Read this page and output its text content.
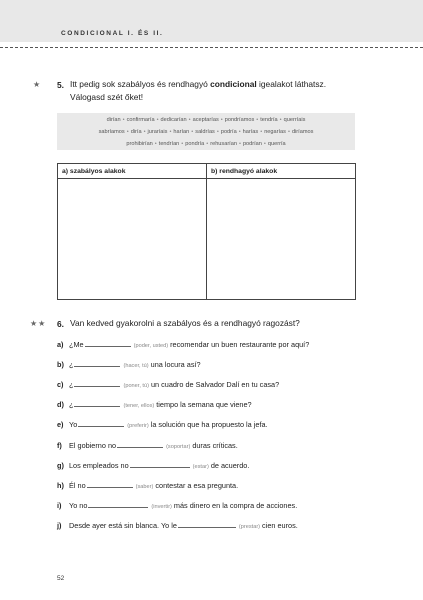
CONDICIONAL I. ÉS II.
★ 5. Itt pedig sok szabályos és rendhagyó condicional igealakot láthatsz.
Válogasd szét őket!
dirían • confirmaría • dedicarían • aceptarías • pondríamos • tendría • querríais
sabríamos • diría • juraríais • harían • saldrías • podría • harías • negarías • diríamos
prohibirían • tendrían • pondría • rehusarían • podrían • querría
a) szabályos alakok	b) rendhagyó alakok

★★ 6. Van kedved gyakorolni a szabályos és a rendhagyó ragozást?
a) ¿Me	(poder, usted) recomendar un buen restaurante por aquí?
b) ¿	(hacer, tú) una locura así?
c) ¿	(poner, tú) un cuadro de Salvador Dalí en tu casa?
d) ¿	(tener, ellos) tiempo la semana que viene?
e) Yo	(preferir) la solución que ha propuesto la jefa.
f) El gobierno no	(soportar) duras críticas.
g) Los empleados no	(estar) de acuerdo.
h) Él no	(saber) contestar a esa pregunta.
i) Yo no	(invertir) más dinero en la compra de acciones.
j) Desde ayer está sin blanca. Yo le	(prestar) cien euros.
52
